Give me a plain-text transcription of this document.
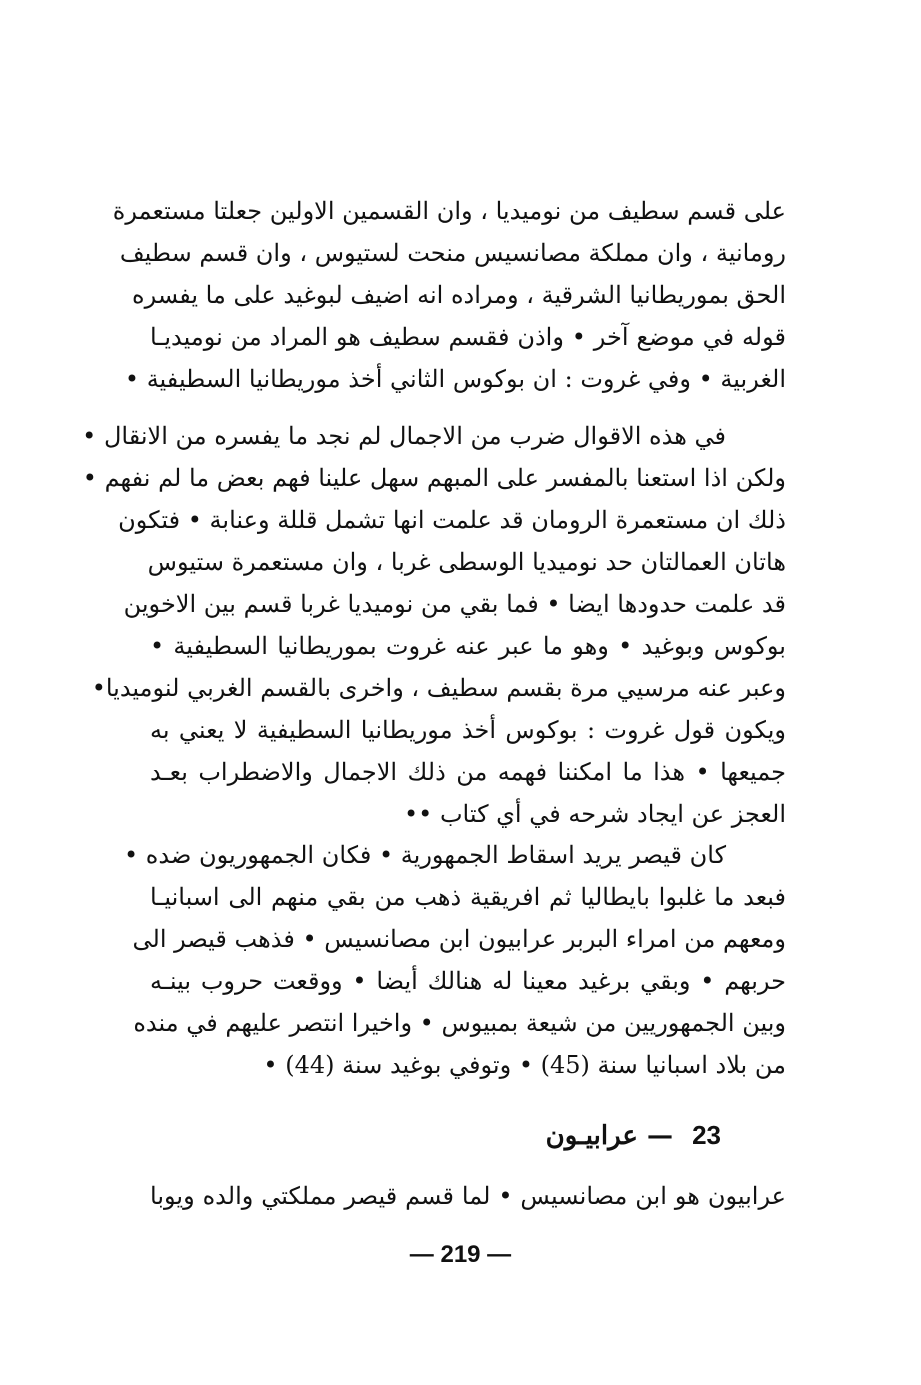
على قسم سطيف من نوميديا ، وان القسمين الاولين جعلتا مستعمرة
رومانية ، وان مملكة مصانسيس منحت لستيوس ، وان قسم سطيف
الحق بموريطانيا الشرقية ، ومراده انه اضيف لبوغيد على ما يفسره
قوله في موضع آخر • واذن فقسم سطيف هو المراد من نوميديـا
الغربية • وفي غروت : ان بوكوس الثاني أخذ موريطانيا السطيفية •
في هذه الاقوال ضرب من الاجمال لم نجد ما يفسره من الانقال •
ولكن اذا استعنا بالمفسر على المبهم سهل علينا فهم بعض ما لم نفهم •
ذلك ان مستعمرة الرومان قد علمت انها تشمل قللة وعنابة • فتكون
هاتان العمالتان حد نوميديا الوسطى غربا ، وان مستعمرة ستيوس
قد علمت حدودها ايضا • فما بقي من نوميديا غربا قسم بين الاخوين
بوكوس وبوغيد • وهو ما عبر عنه غروت بموريطانيا السطيفية •
وعبر عنه مرسيي مرة بقسم سطيف ، واخرى بالقسم الغربي لنوميديا•
ويكون قول غروت : بوكوس أخذ موريطانيا السطيفية لا يعني به
جميعها • هذا ما امكننا فهمه من ذلك الاجمال والاضطراب بعـد
العجز عن ايجاد شرحه في أي كتاب ••
كان قيصر يريد اسقاط الجمهورية • فكان الجمهوريون ضده •
فبعد ما غلبوا بايطاليا ثم افريقية ذهب من بقي منهم الى اسبانيـا
ومعهم من امراء البربر عرابيون ابن مصانسيس • فذهب قيصر الى
حربهم • وبقي برغيد معينا له هنالك أيضا • ووقعت حروب بينـه
وبين الجمهوريين من شيعة بمبيوس • واخيرا انتصر عليهم في منده
من بلاد اسبانيا سنة (45) • وتوفي بوغيد سنة (44) •
23 — عرابيـون
عرابيون هو ابن مصانسيس • لما قسم قيصر مملكتي والده ويوبا
— 219 —
